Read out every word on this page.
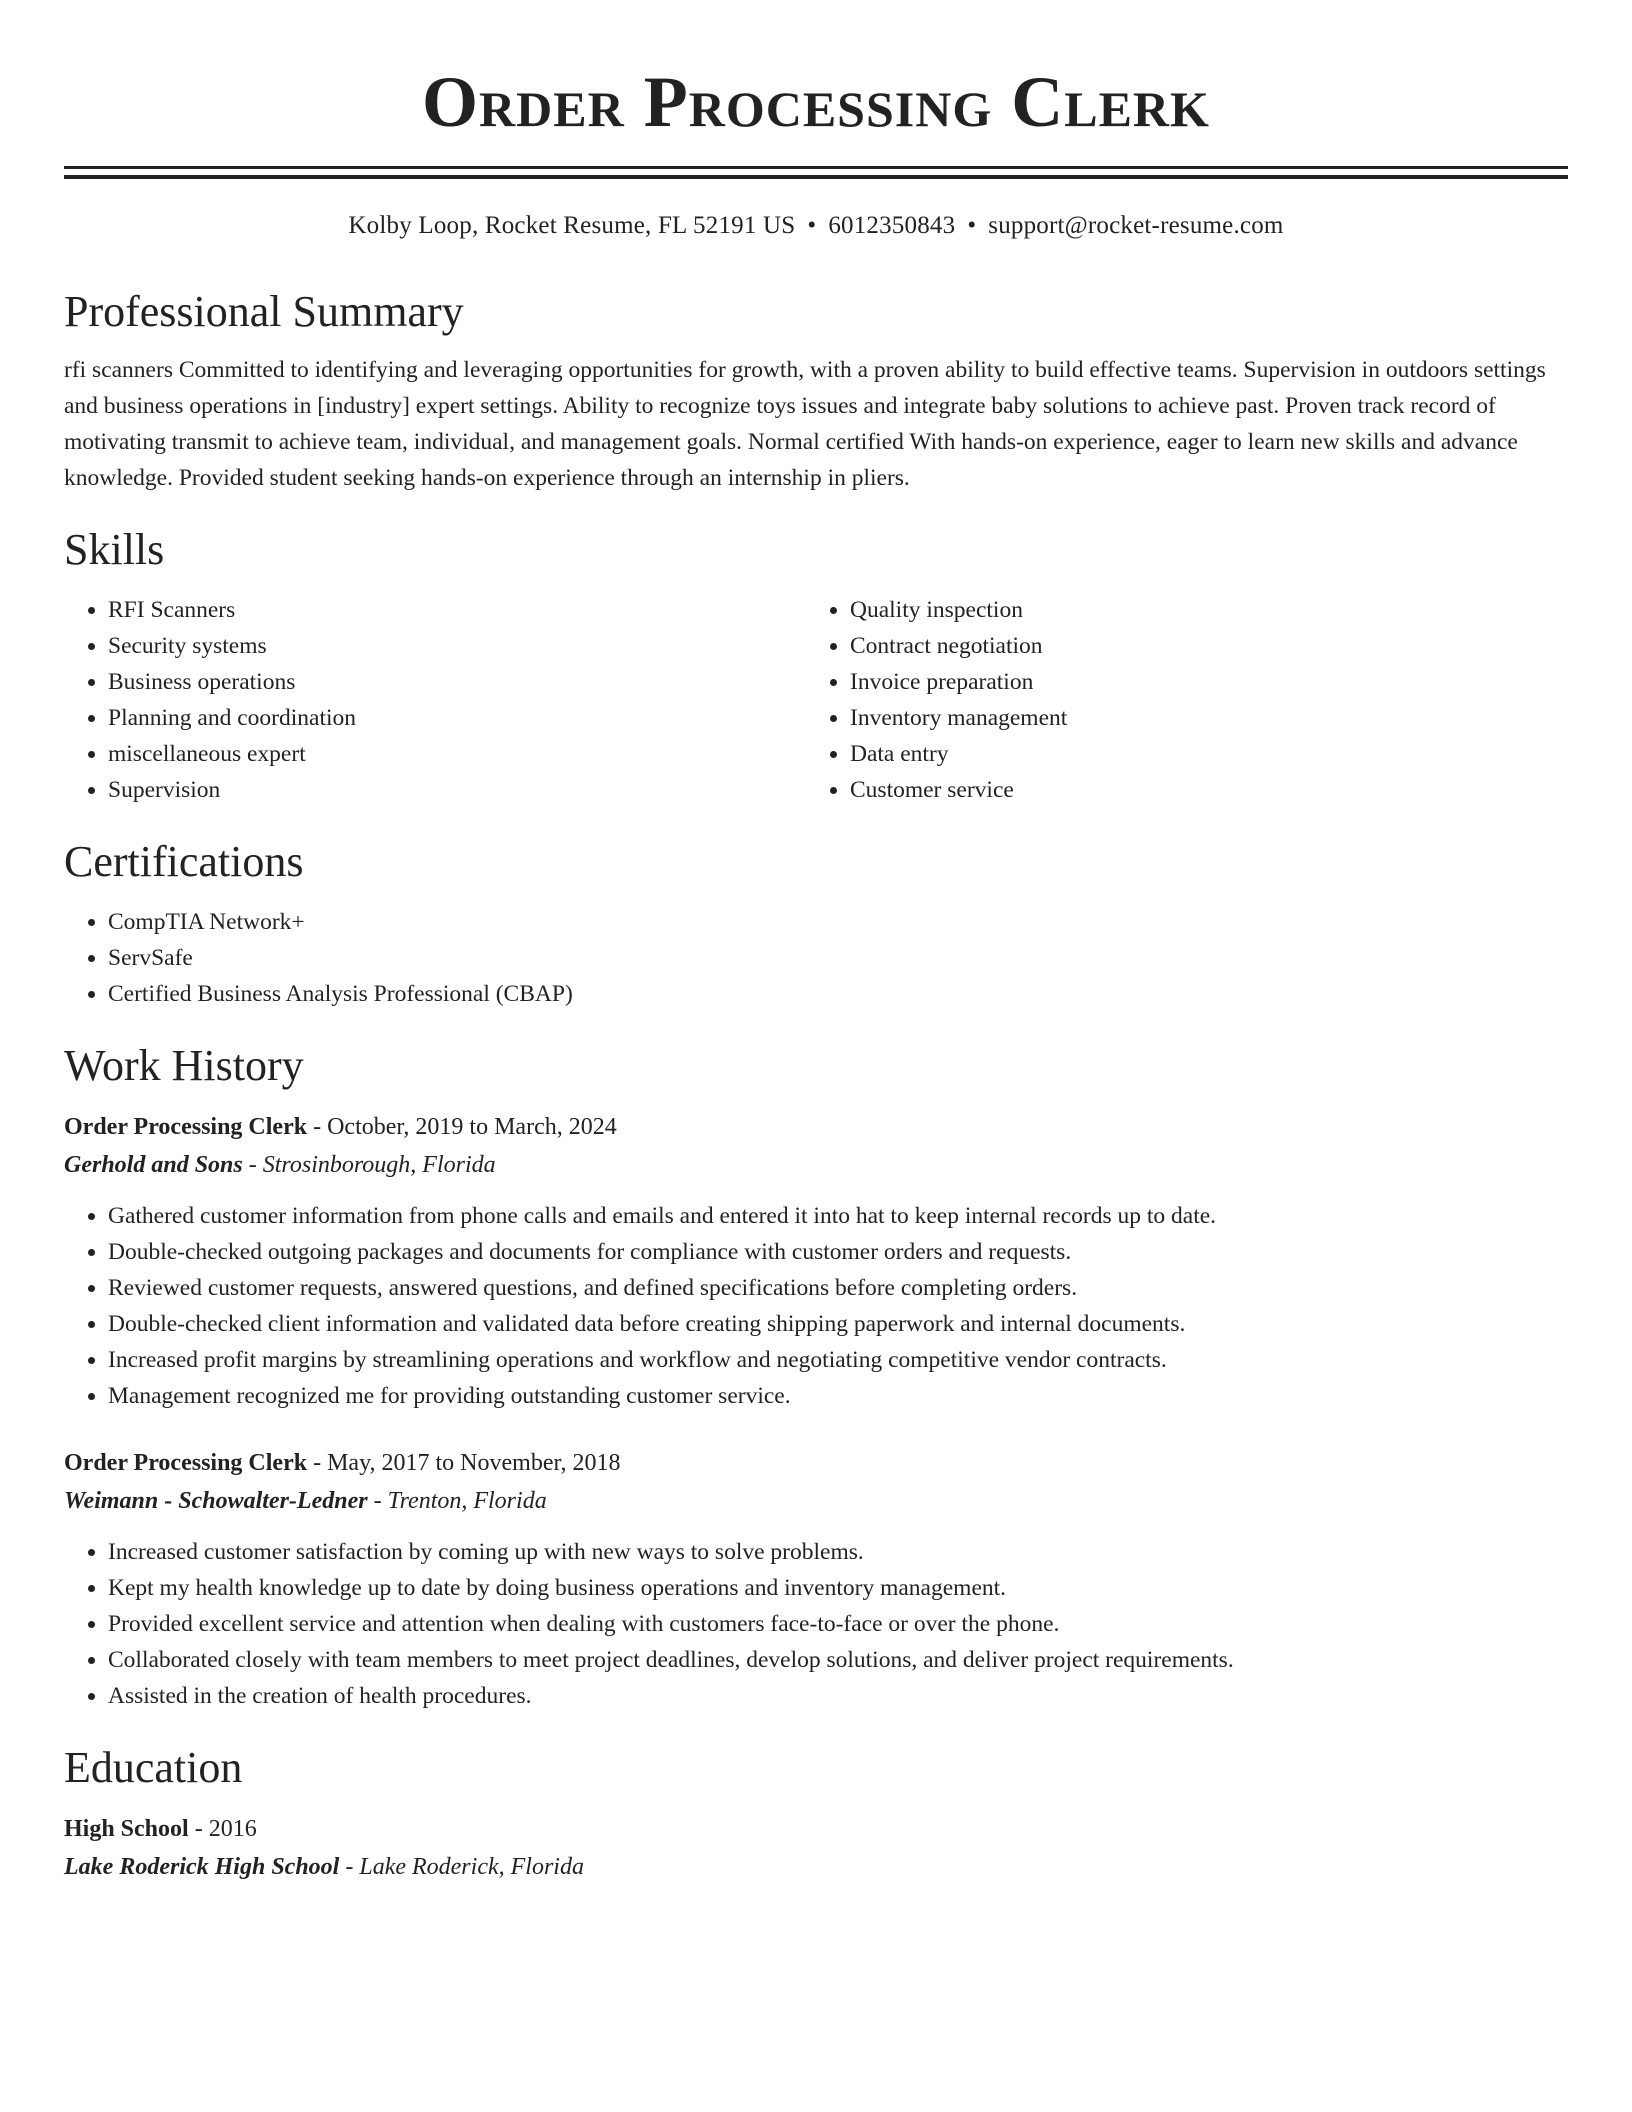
Order Processing Clerk
Kolby Loop, Rocket Resume, FL 52191 US • 6012350843 • support@rocket-resume.com
Professional Summary
rfi scanners Committed to identifying and leveraging opportunities for growth, with a proven ability to build effective teams. Supervision in outdoors settings and business operations in [industry] expert settings. Ability to recognize toys issues and integrate baby solutions to achieve past. Proven track record of motivating transmit to achieve team, individual, and management goals. Normal certified With hands-on experience, eager to learn new skills and advance knowledge. Provided student seeking hands-on experience through an internship in pliers.
Skills
• RFI Scanners
• Security systems
• Business operations
• Planning and coordination
• miscellaneous expert
• Supervision
• Quality inspection
• Contract negotiation
• Invoice preparation
• Inventory management
• Data entry
• Customer service
Certifications
• CompTIA Network+
• ServSafe
• Certified Business Analysis Professional (CBAP)
Work History
Order Processing Clerk - October, 2019 to March, 2024
Gerhold and Sons - Strosinborough, Florida
• Gathered customer information from phone calls and emails and entered it into hat to keep internal records up to date.
• Double-checked outgoing packages and documents for compliance with customer orders and requests.
• Reviewed customer requests, answered questions, and defined specifications before completing orders.
• Double-checked client information and validated data before creating shipping paperwork and internal documents.
• Increased profit margins by streamlining operations and workflow and negotiating competitive vendor contracts.
• Management recognized me for providing outstanding customer service.
Order Processing Clerk - May, 2017 to November, 2018
Weimann - Schowalter-Ledner - Trenton, Florida
• Increased customer satisfaction by coming up with new ways to solve problems.
• Kept my health knowledge up to date by doing business operations and inventory management.
• Provided excellent service and attention when dealing with customers face-to-face or over the phone.
• Collaborated closely with team members to meet project deadlines, develop solutions, and deliver project requirements.
• Assisted in the creation of health procedures.
Education
High School - 2016
Lake Roderick High School - Lake Roderick, Florida
